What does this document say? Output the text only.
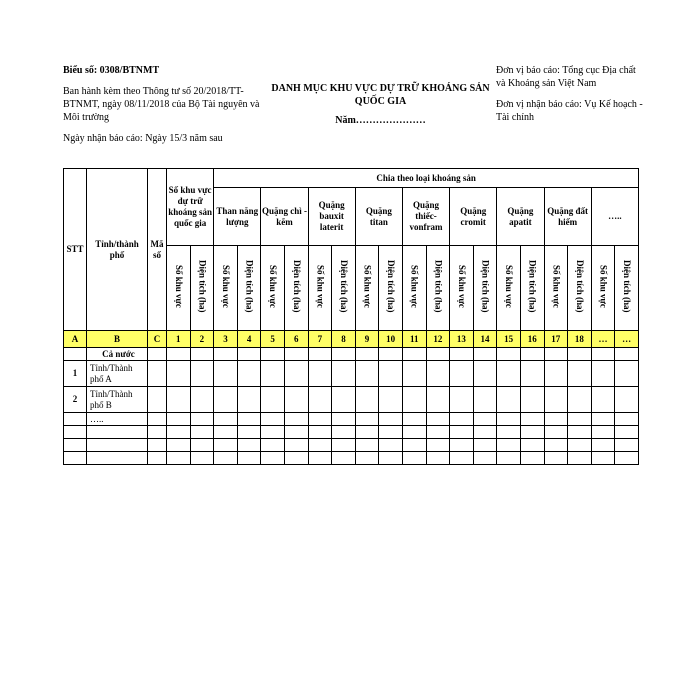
Biểu số: 0308/BTNMT
Ban hành kèm theo Thông tư số 20/2018/TT-BTNMT, ngày 08/11/2018 của Bộ Tài nguyên và Môi trường
Ngày nhận báo cáo: Ngày 15/3 năm sau
DANH MỤC KHU VỰC DỰ TRỮ KHOÁNG SẢN QUỐC GIA
Năm…………………
Đơn vị báo cáo: Tổng cục Địa chất và Khoáng sản Việt Nam
Đơn vị nhận báo cáo: Vụ Kế hoạch - Tài chính
STT	Tỉnh/thành phố	Mã số	Số khu vực dự trữ khoáng sản quốc gia		Chia theo loại khoáng sản																	
					Than năng lượng		Quặng chì - kẽm		Quặng bauxit laterit		Quặng titan		Quặng thiếc-vonfram		Quặng cromit		Quặng apatit		Quặng đất hiếm		…..	
			Số khu vực	Diện tích (ha)	Số khu vực	Diện tích (ha)	Số khu vực	Diện tích (ha)	Số khu vực	Diện tích (ha)	Số khu vực	Diện tích (ha)	Số khu vực	Diện tích (ha)	Số khu vực	Diện tích (ha)	Số khu vực	Diện tích (ha)	Số khu vực	Diện tích (ha)	Số khu vực	Diện tích (ha)
A	B	C	1	2	3	4	5	6	7	8	9	10	11	12	13	14	15	16	17	18	…	…
	Cả nước																					
1	Tỉnh/Thành phố A																					
2	Tỉnh/Thành phố B																					
	…..																					
